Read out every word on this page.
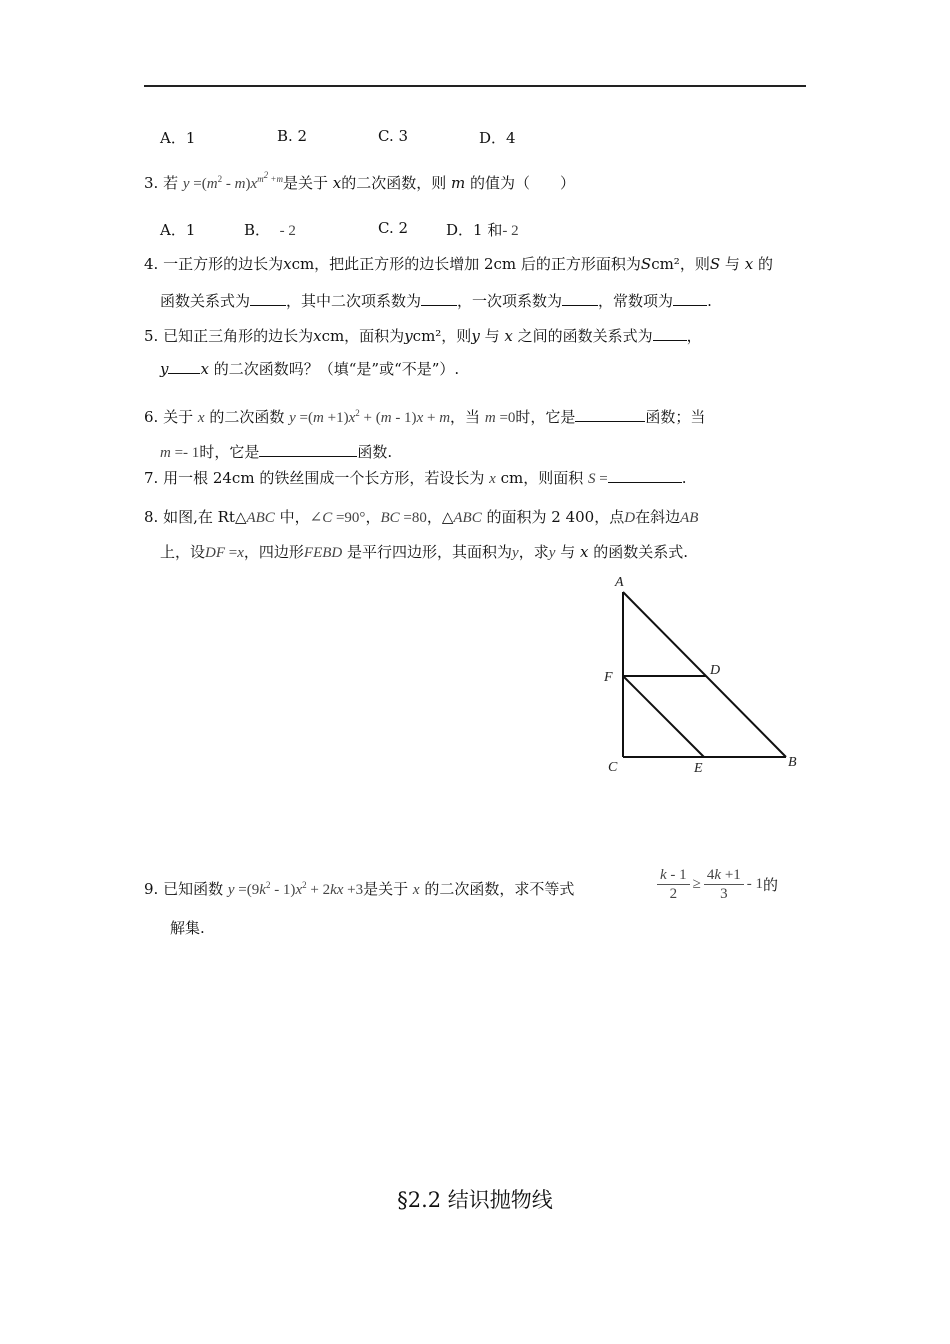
A．1	B. 2	C. 3	D．4
3. 若 $y =(m^2 - m)x^{m^2 +m}$是关于 x的二次函数，则 m 的值为（　　）
A．1	B． - 2	C. 2	D．1 和- 2
4. 一正方形的边长为xcm，把此正方形的边长增加 2cm 后的正方形面积为Scm²，则S 与 x 的
函数关系式为 ，其中二次项系数为 ，一次项系数为 ，常数项为 .
5. 已知正三角形的边长为xcm，面积为ycm²，则y 与 x 之间的函数关系式为 ，
y x 的二次函数吗？（填“是”或“不是”）.
6. 关于 x 的二次函数 $y =(m +1)x^2 + (m - 1)x + m$，当 m =0时，它是	函数；当
m =- 1时，它是	函数.
7. 用一根 24cm 的铁丝围成一个长方形，若设长为 x cm，则面积 S =	.
8. 如图,在 Rt△ABC 中，∠C =90°，BC =80，△ABC 的面积为 2 400，点D在斜边AB
上，设DF =x，四边形FEBD 是平行四边形，其面积为y，求y 与 x 的函数关系式.
A
D
F
C	E	B
9. 已知函数 $y =(9k^2 - 1)x^2 + 2kx +3$是关于 x 的二次函数，求不等式	$\frac{k - 1}{2} \ge \frac{4k +1}{3} - 1$的
解集.
§2.2 结识抛物线
